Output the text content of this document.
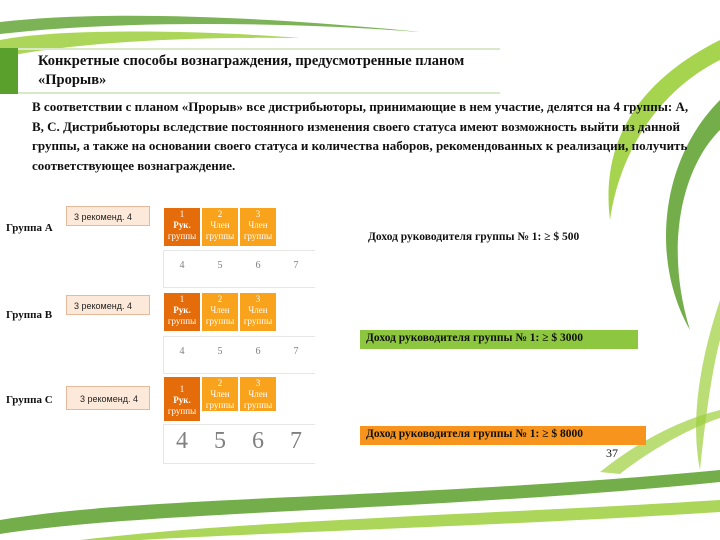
Конкретные способы вознаграждения, предусмотренные планом «Прорыв»
В соответствии с планом «Прорыв» все дистрибьюторы, принимающие в нем участие, делятся на 4 группы: А, В, С. Дистрибьюторы вследствие постоянного изменения своего статуса имеют возможность выйти из данной группы, а также на основании своего статуса и количества наборов, рекомендованных к реализации, получить соответствующее вознаграждение.
Группа А
3 рекоменд. 4	1
Рук.
группы
2
Член
группы
3
Член
группы
4	5	6	7
Доход руководителя группы № 1: ≥ $ 500
Группа В
3 рекоменд. 4
1
Рук.
группы
2
Член
группы
3
Член
группы
4	5	6	7
Доход руководителя группы № 1: ≥ $ 3000
Группа С	3 рекоменд. 4
1
Рук.
группы
2
Член
группы
3
Член
группы
4	5	6	7	Доход руководителя группы № 1: ≥ $ 8000
37
